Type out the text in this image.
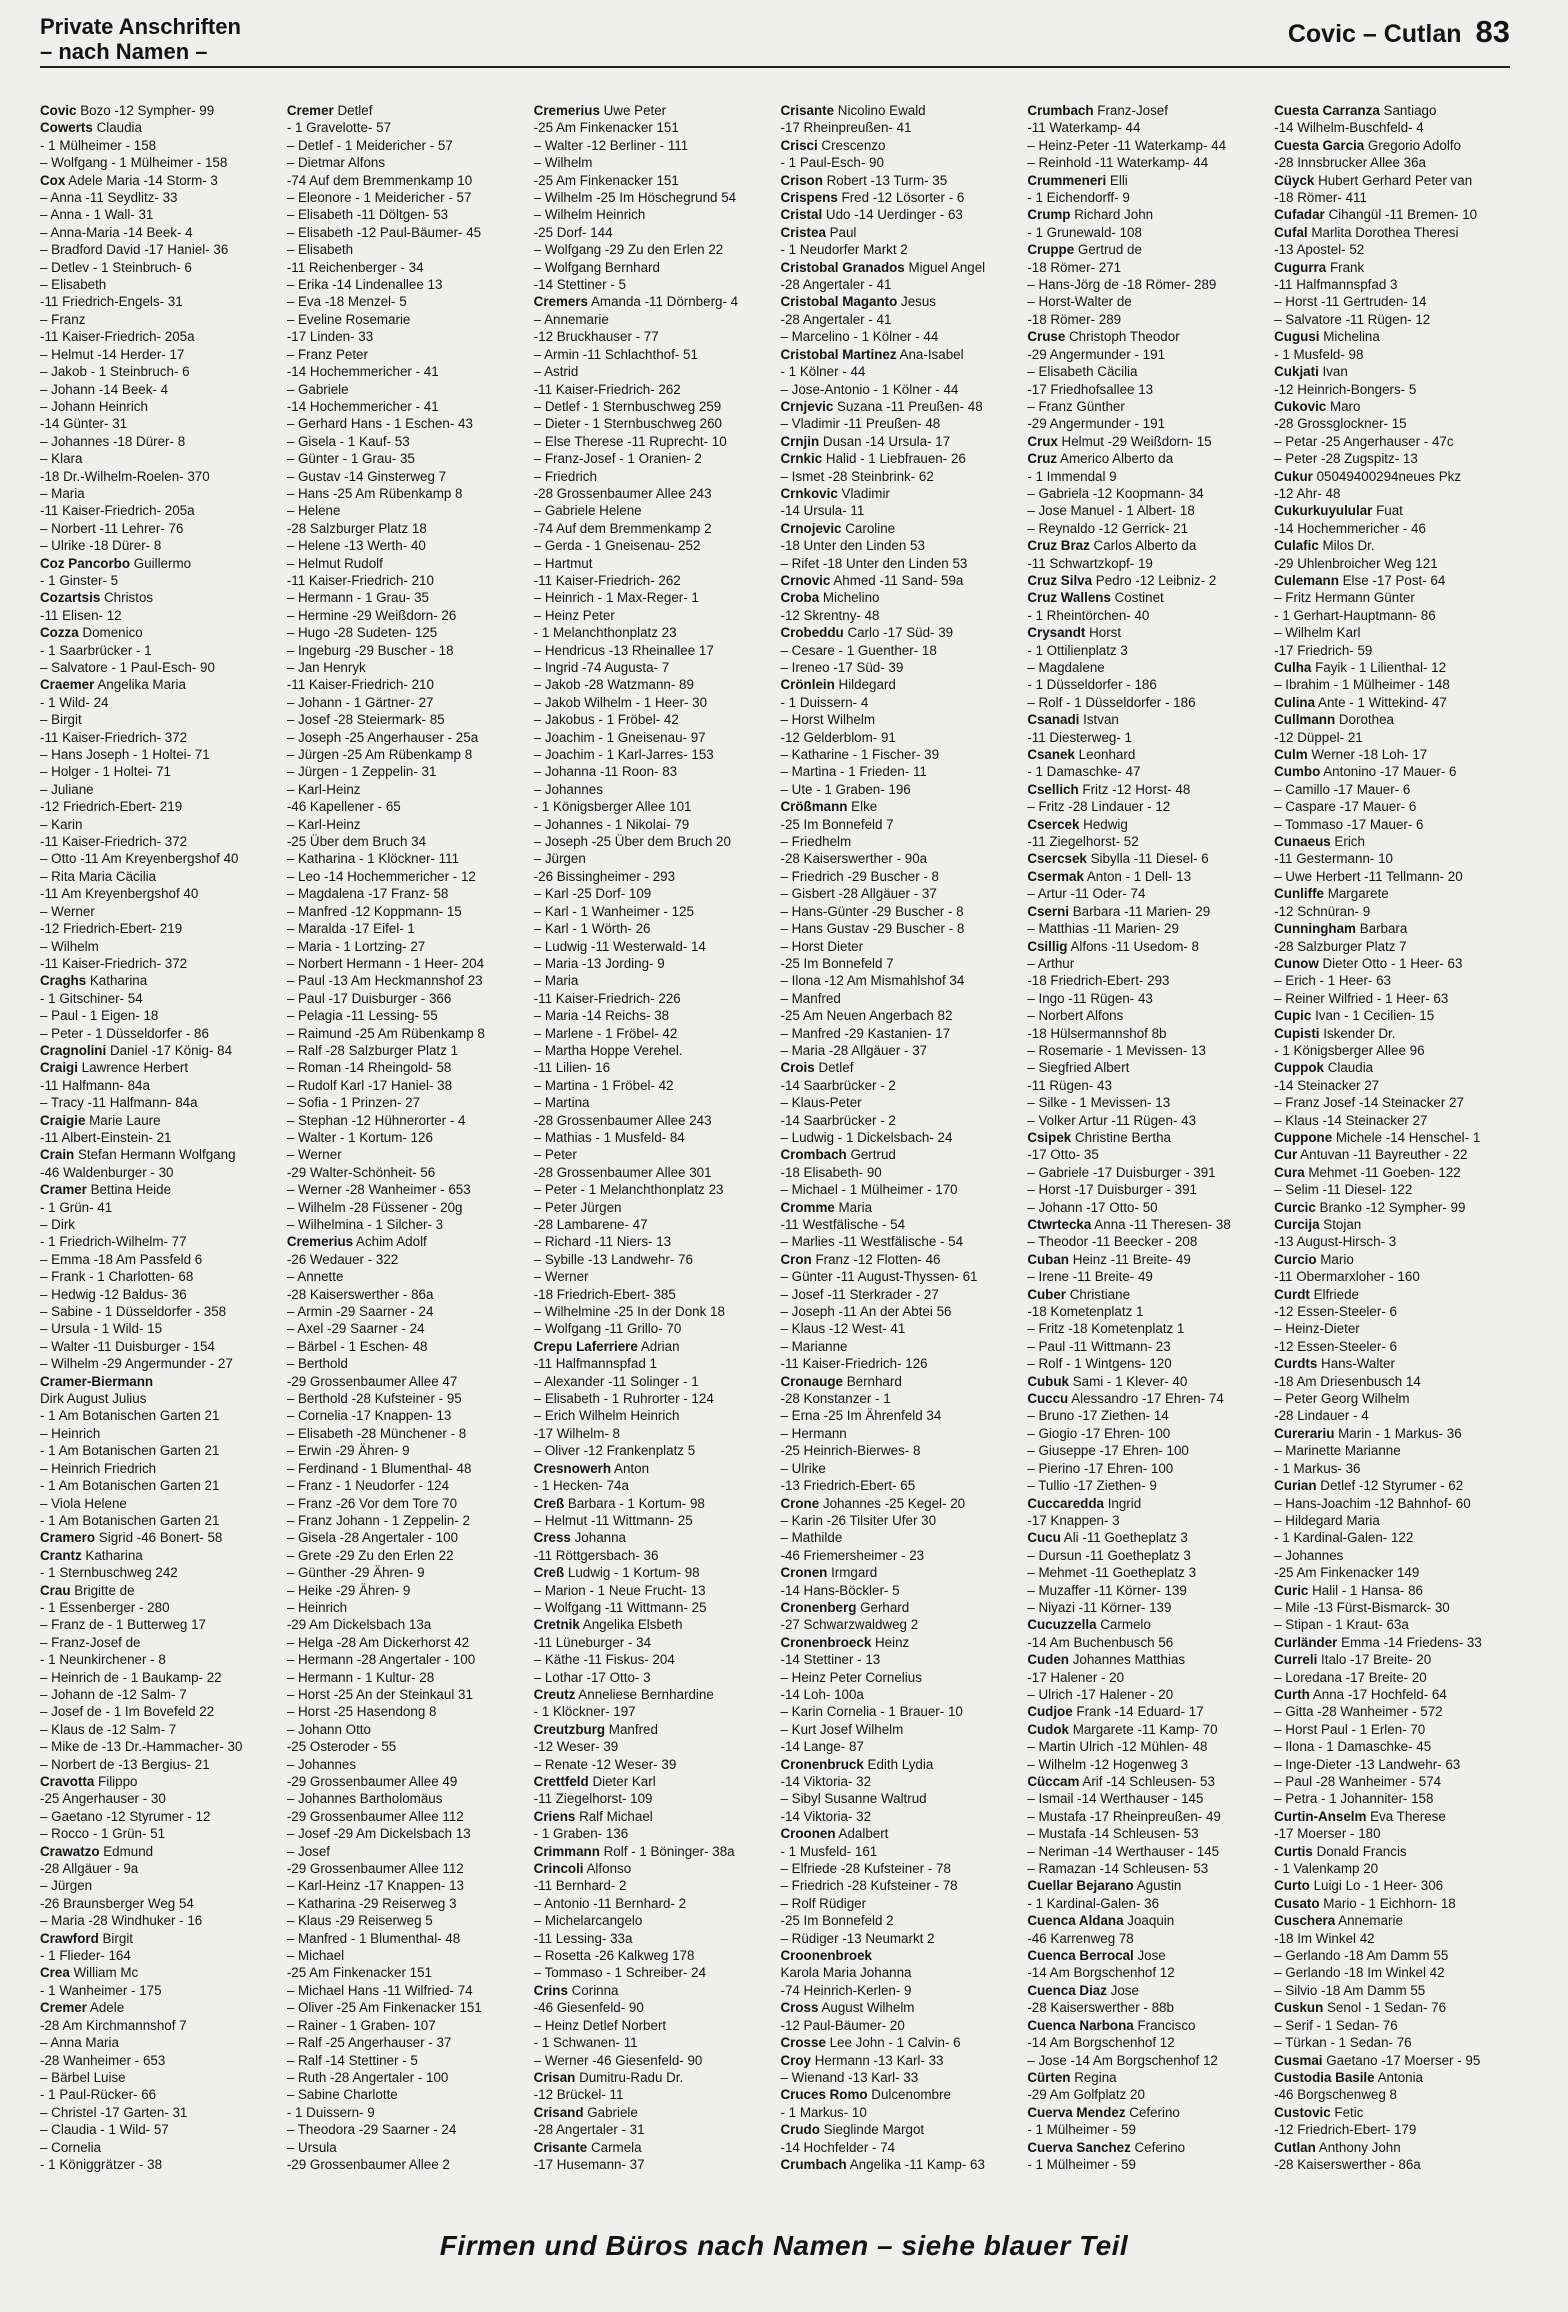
Private Anschriften
– nach Namen –
Covic – Cutlan 83
Covic Bozo -12 Sympher- 99
Cowerts Claudia
- 1 Mülheimer - 158
– Wolfgang - 1 Mülheimer - 158
Cox Adele Maria -14 Storm- 3
– Anna -11 Seydlitz- 33
– Anna - 1 Wall- 31
– Anna-Maria -14 Beek- 4
– Bradford David -17 Haniel- 36
– Detlev - 1 Steinbruch- 6
– Elisabeth
-11 Friedrich-Engels- 31
– Franz
-11 Kaiser-Friedrich- 205a
– Helmut -14 Herder- 17
– Jakob - 1 Steinbruch- 6
– Johann -14 Beek- 4
– Johann Heinrich
-14 Günter- 31
– Johannes -18 Dürer- 8
– Klara
-18 Dr.-Wilhelm-Roelen- 370
– Maria
-11 Kaiser-Friedrich- 205a
– Norbert -11 Lehrer- 76
– Ulrike -18 Dürer- 8
Coz Pancorbo Guillermo
- 1 Ginster- 5
Cozartsis Christos
-11 Elisen- 12
Cozza Domenico
- 1 Saarbrücker - 1
– Salvatore - 1 Paul-Esch- 90
Craemer Angelika Maria
- 1 Wild- 24
– Birgit
-11 Kaiser-Friedrich- 372
– Hans Joseph - 1 Holtei- 71
– Holger - 1 Holtei- 71
– Juliane
-12 Friedrich-Ebert- 219
– Karin
-11 Kaiser-Friedrich- 372
– Otto -11 Am Kreyenbergshof 40
– Rita Maria Cäcilia
-11 Am Kreyenbergshof 40
– Werner
-12 Friedrich-Ebert- 219
– Wilhelm
-11 Kaiser-Friedrich- 372
Craghs Katharina
- 1 Gitschiner- 54
– Paul - 1 Eigen- 18
– Peter - 1 Düsseldorfer - 86
Cragnolini Daniel -17 König- 84
Craigi Lawrence Herbert
-11 Halfmann- 84a
– Tracy -11 Halfmann- 84a
Craigie Marie Laure
-11 Albert-Einstein- 21
Crain Stefan Hermann Wolfgang
-46 Waldenburger - 30
Cramer Bettina Heide
- 1 Grün- 41
– Dirk
- 1 Friedrich-Wilhelm- 77
– Emma -18 Am Passfeld 6
– Frank - 1 Charlotten- 68
– Hedwig -12 Baldus- 36
– Sabine - 1 Düsseldorfer - 358
– Ursula - 1 Wild- 15
– Walter -11 Duisburger - 154
– Wilhelm -29 Angermunder - 27
Cramer-Biermann
Dirk August Julius
- 1 Am Botanischen Garten 21
– Heinrich
- 1 Am Botanischen Garten 21
– Heinrich Friedrich
- 1 Am Botanischen Garten 21
– Viola Helene
- 1 Am Botanischen Garten 21
Cramero Sigrid -46 Bonert- 58
Crantz Katharina
- 1 Sternbuschweg 242
Crau Brigitte de
- 1 Essenberger - 280
– Franz de - 1 Butterweg 17
– Franz-Josef de
- 1 Neunkirchener - 8
– Heinrich de - 1 Baukamp- 22
– Johann de -12 Salm- 7
– Josef de - 1 Im Bovefeld 22
– Klaus de -12 Salm- 7
– Mike de -13 Dr.-Hammacher- 30
– Norbert de -13 Bergius- 21
Cravotta Filippo
-25 Angerhauser - 30
– Gaetano -12 Styrumer - 12
– Rocco - 1 Grün- 51
Crawatzo Edmund
-28 Allgäuer - 9a
– Jürgen
-26 Braunsberger Weg 54
– Maria -28 Windhuker - 16
Crawford Birgit
- 1 Flieder- 164
Crea William Mc
- 1 Wanheimer - 175
Cremer Adele
-28 Am Kirchmannshof 7
– Anna Maria
-28 Wanheimer - 653
– Bärbel Luise
- 1 Paul-Rücker- 66
– Christel -17 Garten- 31
– Claudia - 1 Wild- 57
– Cornelia
- 1 Königgrätzer - 38
Cremer Detlef
- 1 Gravelotte- 57
– Detlef - 1 Meidericher - 57
– Dietmar Alfons
-74 Auf dem Bremmenkamp 10
– Eleonore - 1 Meidericher - 57
– Elisabeth -11 Döltgen- 53
– Elisabeth -12 Paul-Bäumer- 45
– Elisabeth
-11 Reichenberger - 34
– Erika -14 Lindenallee 13
– Eva -18 Menzel- 5
– Eveline Rosemarie
-17 Linden- 33
– Franz Peter
-14 Hochemmericher - 41
– Gabriele
-14 Hochemmericher - 41
– Gerhard Hans - 1 Eschen- 43
– Gisela - 1 Kauf- 53
– Günter - 1 Grau- 35
– Gustav -14 Ginsterweg 7
– Hans -25 Am Rübenkamp 8
– Helene
-28 Salzburger Platz 18
– Helene -13 Werth- 40
– Helmut Rudolf
-11 Kaiser-Friedrich- 210
– Hermann - 1 Grau- 35
– Hermine -29 Weißdorn- 26
– Hugo -28 Sudeten- 125
– Ingeburg -29 Buscher - 18
– Jan Henryk
-11 Kaiser-Friedrich- 210
– Johann - 1 Gärtner- 27
– Josef -28 Steiermark- 85
– Joseph -25 Angerhauser - 25a
– Jürgen -25 Am Rübenkamp 8
– Jürgen - 1 Zeppelin- 31
– Karl-Heinz
-46 Kapellener - 65
– Karl-Heinz
-25 Über dem Bruch 34
– Katharina - 1 Klöckner- 111
– Leo -14 Hochemmericher - 12
– Magdalena -17 Franz- 58
– Manfred -12 Koppmann- 15
– Maralda -17 Eifel- 1
– Maria - 1 Lortzing- 27
– Norbert Hermann - 1 Heer- 204
– Paul -13 Am Heckmannshof 23
– Paul -17 Duisburger - 366
– Pelagia -11 Lessing- 55
– Raimund -25 Am Rübenkamp 8
– Ralf -28 Salzburger Platz 1
– Roman -14 Rheingold- 58
– Rudolf Karl -17 Haniel- 38
– Sofia - 1 Prinzen- 27
– Stephan -12 Hühnerorter - 4
– Walter - 1 Kortum- 126
– Werner
-29 Walter-Schönheit- 56
– Werner -28 Wanheimer - 653
– Wilhelm -28 Füssener - 20g
– Wilhelmina - 1 Silcher- 3
Cremerius Achim Adolf
-26 Wedauer - 322
– Annette
-28 Kaiserswerther - 86a
– Armin -29 Saarner - 24
– Axel -29 Saarner - 24
– Bärbel - 1 Eschen- 48
– Berthold
-29 Grossenbaumer Allee 47
– Berthold -28 Kufsteiner - 95
– Cornelia -17 Knappen- 13
– Elisabeth -28 Münchener - 8
– Erwin -29 Ähren- 9
– Ferdinand - 1 Blumenthal- 48
– Franz - 1 Neudorfer - 124
– Franz -26 Vor dem Tore 70
– Franz Johann - 1 Zeppelin- 2
– Gisela -28 Angertaler - 100
– Grete -29 Zu den Erlen 22
– Günther -29 Ähren- 9
– Heike -29 Ähren- 9
– Heinrich
-29 Am Dickelsbach 13a
– Helga -28 Am Dickerhorst 42
– Hermann -28 Angertaler - 100
– Hermann - 1 Kultur- 28
– Horst -25 An der Steinkaul 31
– Horst -25 Hasendong 8
– Johann Otto
-25 Osteroder - 55
– Johannes
-29 Grossenbaumer Allee 49
– Johannes Bartholomäus
-29 Grossenbaumer Allee 112
– Josef -29 Am Dickelsbach 13
– Josef
-29 Grossenbaumer Allee 112
– Karl-Heinz -17 Knappen- 13
– Katharina -29 Reiserweg 3
– Klaus -29 Reiserweg 5
– Manfred - 1 Blumenthal- 48
– Michael
-25 Am Finkenacker 151
– Michael Hans -11 Wilfried- 74
– Oliver -25 Am Finkenacker 151
– Rainer - 1 Graben- 107
– Ralf -25 Angerhauser - 37
– Ralf -14 Stettiner - 5
– Ruth -28 Angertaler - 100
– Sabine Charlotte
- 1 Duissern- 9
– Theodora -29 Saarner - 24
– Ursula
-29 Grossenbaumer Allee 2
Cremerius Uwe Peter
-25 Am Finkenacker 151
– Walter -12 Berliner - 111
– Wilhelm
-25 Am Finkenacker 151
– Wilhelm -25 Im Höschegrund 54
– Wilhelm Heinrich
-25 Dorf- 144
– Wolfgang -29 Zu den Erlen 22
– Wolfgang Bernhard
-14 Stettiner - 5
Cremers Amanda -11 Dörnberg- 4
– Annemarie
-12 Bruckhauser - 77
– Armin -11 Schlachthof- 51
– Astrid
-11 Kaiser-Friedrich- 262
– Detlef - 1 Sternbuschweg 259
– Dieter - 1 Sternbuschweg 260
– Else Therese -11 Ruprecht- 10
– Franz-Josef - 1 Oranien- 2
– Friedrich
-28 Grossenbaumer Allee 243
– Gabriele Helene
-74 Auf dem Bremmenkamp 2
– Gerda - 1 Gneisenau- 252
– Hartmut
-11 Kaiser-Friedrich- 262
– Heinrich - 1 Max-Reger- 1
– Heinz Peter
- 1 Melanchthonplatz 23
– Hendricus -13 Rheinallee 17
– Ingrid -74 Augusta- 7
– Jakob -28 Watzmann- 89
– Jakob Wilhelm - 1 Heer- 30
– Jakobus - 1 Fröbel- 42
– Joachim - 1 Gneisenau- 97
– Joachim - 1 Karl-Jarres- 153
– Johanna -11 Roon- 83
– Johannes
- 1 Königsberger Allee 101
– Johannes - 1 Nikolai- 79
– Joseph -25 Über dem Bruch 20
– Jürgen
-26 Bissingheimer - 293
– Karl -25 Dorf- 109
– Karl - 1 Wanheimer - 125
– Karl - 1 Wörth- 26
– Ludwig -11 Westerwald- 14
– Maria -13 Jording- 9
– Maria
-11 Kaiser-Friedrich- 226
– Maria -14 Reichs- 38
– Marlene - 1 Fröbel- 42
– Martha Hoppe Verehel.
-11 Lilien- 16
– Martina - 1 Fröbel- 42
– Martina
-28 Grossenbaumer Allee 243
– Mathias - 1 Musfeld- 84
– Peter
-28 Grossenbaumer Allee 301
– Peter - 1 Melanchthonplatz 23
– Peter Jürgen
-28 Lambarene- 47
– Richard -11 Niers- 13
– Sybille -13 Landwehr- 76
– Werner
-18 Friedrich-Ebert- 385
– Wilhelmine -25 In der Donk 18
– Wolfgang -11 Grillo- 70
Crepu Laferriere Adrian
-11 Halfmannspfad 1
– Alexander -11 Solinger - 1
– Elisabeth - 1 Ruhrorter - 124
– Erich Wilhelm Heinrich
-17 Wilhelm- 8
– Oliver -12 Frankenplatz 5
Cresnowerh Anton
- 1 Hecken- 74a
Creß Barbara - 1 Kortum- 98
– Helmut -11 Wittmann- 25
Cress Johanna
-11 Röttgersbach- 36
Creß Ludwig - 1 Kortum- 98
– Marion - 1 Neue Frucht- 13
– Wolfgang -11 Wittmann- 25
Cretnik Angelika Elsbeth
-11 Lüneburger - 34
– Käthe -11 Fiskus- 204
– Lothar -17 Otto- 3
Creutz Anneliese Bernhardine
- 1 Klöckner- 197
Creutzburg Manfred
-12 Weser- 39
– Renate -12 Weser- 39
Crettfeld Dieter Karl
-11 Ziegelhorst- 109
Criens Ralf Michael
- 1 Graben- 136
Crimmann Rolf - 1 Böninger- 38a
Crincoli Alfonso
-11 Bernhard- 2
– Antonio -11 Bernhard- 2
– Michelarcangelo
-11 Lessing- 33a
– Rosetta -26 Kalkweg 178
– Tommaso - 1 Schreiber- 24
Crins Corinna
-46 Giesenfeld- 90
– Heinz Detlef Norbert
- 1 Schwanen- 11
– Werner -46 Giesenfeld- 90
Crisan Dumitru-Radu Dr.
-12 Brückel- 11
Crisand Gabriele
-28 Angertaler - 31
Crisante Carmela
-17 Husemann- 37
Crisante Nicolino Ewald
-17 Rheinpreußen- 41
Crisci Crescenzo
- 1 Paul-Esch- 90
Crison Robert -13 Turm- 35
Crispens Fred -12 Lösorter - 6
Cristal Udo -14 Uerdinger - 63
Cristea Paul
- 1 Neudorfer Markt 2
Cristobal Granados Miguel Angel
-28 Angertaler - 41
Cristobal Maganto Jesus
-28 Angertaler - 41
– Marcelino - 1 Kölner - 44
Cristobal Martinez Ana-Isabel
- 1 Kölner - 44
– Jose-Antonio - 1 Kölner - 44
Crnjevic Suzana -11 Preußen- 48
– Vladimir -11 Preußen- 48
Crnjin Dusan -14 Ursula- 17
Crnkic Halid - 1 Liebfrauen- 26
– Ismet -28 Steinbrink- 62
Crnkovic Vladimir
-14 Ursula- 11
Crnojevic Caroline
-18 Unter den Linden 53
– Rifet -18 Unter den Linden 53
Crnovic Ahmed -11 Sand- 59a
Croba Michelino
-12 Skrentny- 48
Crobeddu Carlo -17 Süd- 39
– Cesare - 1 Guenther- 18
– Ireneo -17 Süd- 39
Crönlein Hildegard
- 1 Duissern- 4
– Horst Wilhelm
-12 Gelderblom- 91
– Katharine - 1 Fischer- 39
– Martina - 1 Frieden- 11
– Ute - 1 Graben- 196
Crößmann Elke
-25 Im Bonnefeld 7
– Friedhelm
-28 Kaiserswerther - 90a
– Friedrich -29 Buscher - 8
– Gisbert -28 Allgäuer - 37
– Hans-Günter -29 Buscher - 8
– Hans Gustav -29 Buscher - 8
– Horst Dieter
-25 Im Bonnefeld 7
– Ilona -12 Am Mismahlshof 34
– Manfred
-25 Am Neuen Angerbach 82
– Manfred -29 Kastanien- 17
– Maria -28 Allgäuer - 37
Crois Detlef
-14 Saarbrücker - 2
– Klaus-Peter
-14 Saarbrücker - 2
– Ludwig - 1 Dickelsbach- 24
Crombach Gertrud
-18 Elisabeth- 90
– Michael - 1 Mülheimer - 170
Cromme Maria
-11 Westfälische - 54
– Marlies -11 Westfälische - 54
Cron Franz -12 Flotten- 46
– Günter -11 August-Thyssen- 61
– Josef -11 Sterkrader - 27
– Joseph -11 An der Abtei 56
– Klaus -12 West- 41
– Marianne
-11 Kaiser-Friedrich- 126
Cronauge Bernhard
-28 Konstanzer - 1
– Erna -25 Im Ährenfeld 34
– Hermann
-25 Heinrich-Bierwes- 8
– Ulrike
-13 Friedrich-Ebert- 65
Crone Johannes -25 Kegel- 20
– Karin -26 Tilsiter Ufer 30
– Mathilde
-46 Friemersheimer - 23
Cronen Irmgard
-14 Hans-Böckler- 5
Cronenberg Gerhard
-27 Schwarzwaldweg 2
Cronenbroeck Heinz
-14 Stettiner - 13
– Heinz Peter Cornelius
-14 Loh- 100a
– Karin Cornelia - 1 Brauer- 10
– Kurt Josef Wilhelm
-14 Lange- 87
Cronenbruck Edith Lydia
-14 Viktoria- 32
– Sibyl Susanne Waltrud
-14 Viktoria- 32
Croonen Adalbert
- 1 Musfeld- 161
– Elfriede -28 Kufsteiner - 78
– Friedrich -28 Kufsteiner - 78
– Rolf Rüdiger
-25 Im Bonnefeld 2
– Rüdiger -13 Neumarkt 2
Croonenbroek
Karola Maria Johanna
-74 Heinrich-Kerlen- 9
Cross August Wilhelm
-12 Paul-Bäumer- 20
Crosse Lee John - 1 Calvin- 6
Croy Hermann -13 Karl- 33
– Wienand -13 Karl- 33
Cruces Romo Dulcenombre
- 1 Markus- 10
Crudo Sieglinde Margot
-14 Hochfelder - 74
Crumbach Angelika -11 Kamp- 63
Crumbach Franz-Josef
-11 Waterkamp- 44
– Heinz-Peter -11 Waterkamp- 44
– Reinhold -11 Waterkamp- 44
Crummeneri Elli
- 1 Eichendorff- 9
Crump Richard John
- 1 Grunewald- 108
Cruppe Gertrud de
-18 Römer- 271
– Hans-Jörg de -18 Römer- 289
– Horst-Walter de
-18 Römer- 289
Cruse Christoph Theodor
-29 Angermunder - 191
– Elisabeth Cäcilia
-17 Friedhofsallee 13
– Franz Günther
-29 Angermunder - 191
Crux Helmut -29 Weißdorn- 15
Cruz Americo Alberto da
- 1 Immendal 9
– Gabriela -12 Koopmann- 34
– Jose Manuel - 1 Albert- 18
– Reynaldo -12 Gerrick- 21
Cruz Braz Carlos Alberto da
-11 Schwartzkopf- 19
Cruz Silva Pedro -12 Leibniz- 2
Cruz Wallens Costinet
- 1 Rheintörchen- 40
Crysandt Horst
- 1 Ottilienplatz 3
– Magdalene
- 1 Düsseldorfer - 186
– Rolf - 1 Düsseldorfer - 186
Csanadi Istvan
-11 Diesterweg- 1
Csanek Leonhard
- 1 Damaschke- 47
Csellich Fritz -12 Horst- 48
– Fritz -28 Lindauer - 12
Csercek Hedwig
-11 Ziegelhorst- 52
Csercsek Sibylla -11 Diesel- 6
Csermak Anton - 1 Dell- 13
– Artur -11 Oder- 74
Cserni Barbara -11 Marien- 29
– Matthias -11 Marien- 29
Csillig Alfons -11 Usedom- 8
– Arthur
-18 Friedrich-Ebert- 293
– Ingo -11 Rügen- 43
– Norbert Alfons
-18 Hülsermannshof 8b
– Rosemarie - 1 Mevissen- 13
– Siegfried Albert
-11 Rügen- 43
– Silke - 1 Mevissen- 13
– Volker Artur -11 Rügen- 43
Csipek Christine Bertha
-17 Otto- 35
– Gabriele -17 Duisburger - 391
– Horst -17 Duisburger - 391
– Johann -17 Otto- 50
Ctwrtecka Anna -11 Theresen- 38
– Theodor -11 Beecker - 208
Cuban Heinz -11 Breite- 49
– Irene -11 Breite- 49
Cuber Christiane
-18 Kometenplatz 1
– Fritz -18 Kometenplatz 1
– Paul -11 Wittmann- 23
– Rolf - 1 Wintgens- 120
Cubuk Sami - 1 Klever- 40
Cuccu Alessandro -17 Ehren- 74
– Bruno -17 Ziethen- 14
– Giogio -17 Ehren- 100
– Giuseppe -17 Ehren- 100
– Pierino -17 Ehren- 100
– Tullio -17 Ziethen- 9
Cuccaredda Ingrid
-17 Knappen- 3
Cucu Ali -11 Goetheplatz 3
– Dursun -11 Goetheplatz 3
– Mehmet -11 Goetheplatz 3
– Muzaffer -11 Körner- 139
– Niyazi -11 Körner- 139
Cucuzzella Carmelo
-14 Am Buchenbusch 56
Cuden Johannes Matthias
-17 Halener - 20
– Ulrich -17 Halener - 20
Cudjoe Frank -14 Eduard- 17
Cudok Margarete -11 Kamp- 70
– Martin Ulrich -12 Mühlen- 48
– Wilhelm -12 Hogenweg 3
Cüccam Arif -14 Schleusen- 53
– Ismail -14 Werthauser - 145
– Mustafa -17 Rheinpreußen- 49
– Mustafa -14 Schleusen- 53
– Neriman -14 Werthauser - 145
– Ramazan -14 Schleusen- 53
Cuellar Bejarano Agustin
- 1 Kardinal-Galen- 36
Cuenca Aldana Joaquin
-46 Karrenweg 78
Cuenca Berrocal Jose
-14 Am Borgschenhof 12
Cuenca Diaz Jose
-28 Kaiserswerther - 88b
Cuenca Narbona Francisco
-14 Am Borgschenhof 12
– Jose -14 Am Borgschenhof 12
Cürten Regina
-29 Am Golfplatz 20
Cuerva Mendez Ceferino
- 1 Mülheimer - 59
Cuerva Sanchez Ceferino
- 1 Mülheimer - 59
Cuesta Carranza Santiago
-14 Wilhelm-Buschfeld- 4
Cuesta Garcia Gregorio Adolfo
-28 Innsbrucker Allee 36a
Cüyck Hubert Gerhard Peter van
-18 Römer- 411
Cufadar Cihangül -11 Bremen- 10
Cufal Marlita Dorothea Theresi
-13 Apostel- 52
Cugurra Frank
-11 Halfmannspfad 3
– Horst -11 Gertruden- 14
– Salvatore -11 Rügen- 12
Cugusi Michelina
- 1 Musfeld- 98
Cukjati Ivan
-12 Heinrich-Bongers- 5
Cukovic Maro
-28 Grossglockner- 15
– Petar -25 Angerhauser - 47c
– Peter -28 Zugspitz- 13
Cukur 05049400294neues Pkz
-12 Ahr- 48
Cukurkuyulular Fuat
-14 Hochemmericher - 46
Culafic Milos Dr.
-29 Uhlenbroicher Weg 121
Culemann Else -17 Post- 64
– Fritz Hermann Günter
- 1 Gerhart-Hauptmann- 86
– Wilhelm Karl
-17 Friedrich- 59
Culha Fayik - 1 Lilienthal- 12
– Ibrahim - 1 Mülheimer - 148
Culina Ante - 1 Wittekind- 47
Cullmann Dorothea
-12 Düppel- 21
Culm Werner -18 Loh- 17
Cumbo Antonino -17 Mauer- 6
– Camillo -17 Mauer- 6
– Caspare -17 Mauer- 6
– Tommaso -17 Mauer- 6
Cunaeus Erich
-11 Gestermann- 10
– Uwe Herbert -11 Tellmann- 20
Cunliffe Margarete
-12 Schnüran- 9
Cunningham Barbara
-28 Salzburger Platz 7
Cunow Dieter Otto - 1 Heer- 63
– Erich - 1 Heer- 63
– Reiner Wilfried - 1 Heer- 63
Cupic Ivan - 1 Cecilien- 15
Cupisti Iskender Dr.
- 1 Königsberger Allee 96
Cuppok Claudia
-14 Steinacker 27
– Franz Josef -14 Steinacker 27
– Klaus -14 Steinacker 27
Cuppone Michele -14 Henschel- 1
Cur Antuvan -11 Bayreuther - 22
Cura Mehmet -11 Goeben- 122
– Selim -11 Diesel- 122
Curcic Branko -12 Sympher- 99
Curcija Stojan
-13 August-Hirsch- 3
Curcio Mario
-11 Obermarxloher - 160
Curdt Elfriede
-12 Essen-Steeler- 6
– Heinz-Dieter
-12 Essen-Steeler- 6
Curdts Hans-Walter
-18 Am Driesenbusch 14
– Peter Georg Wilhelm
-28 Lindauer - 4
Curerariu Marin - 1 Markus- 36
– Marinette Marianne
- 1 Markus- 36
Curian Detlef -12 Styrumer - 62
– Hans-Joachim -12 Bahnhof- 60
– Hildegard Maria
- 1 Kardinal-Galen- 122
– Johannes
-25 Am Finkenacker 149
Curic Halil - 1 Hansa- 86
– Mile -13 Fürst-Bismarck- 30
– Stipan - 1 Kraut- 63a
Curländer Emma -14 Friedens- 33
Curreli Italo -17 Breite- 20
– Loredana -17 Breite- 20
Curth Anna -17 Hochfeld- 64
– Gitta -28 Wanheimer - 572
– Horst Paul - 1 Erlen- 70
– Ilona - 1 Damaschke- 45
– Inge-Dieter -13 Landwehr- 63
– Paul -28 Wanheimer - 574
– Petra - 1 Johanniter- 158
Curtin-Anselm Eva Therese
-17 Moerser - 180
Curtis Donald Francis
- 1 Valenkamp 20
Curto Luigi Lo - 1 Heer- 306
Cusato Mario - 1 Eichhorn- 18
Cuschera Annemarie
-18 Im Winkel 42
– Gerlando -18 Am Damm 55
– Gerlando -18 Im Winkel 42
– Silvio -18 Am Damm 55
Cuskun Senol - 1 Sedan- 76
– Serif - 1 Sedan- 76
– Türkan - 1 Sedan- 76
Cusmai Gaetano -17 Moerser - 95
Custodia Basile Antonia
-46 Borgschenweg 8
Custovic Fetic
-12 Friedrich-Ebert- 179
Cutlan Anthony John
-28 Kaiserswerther - 86a
Firmen und Büros nach Namen – siehe blauer Teil
